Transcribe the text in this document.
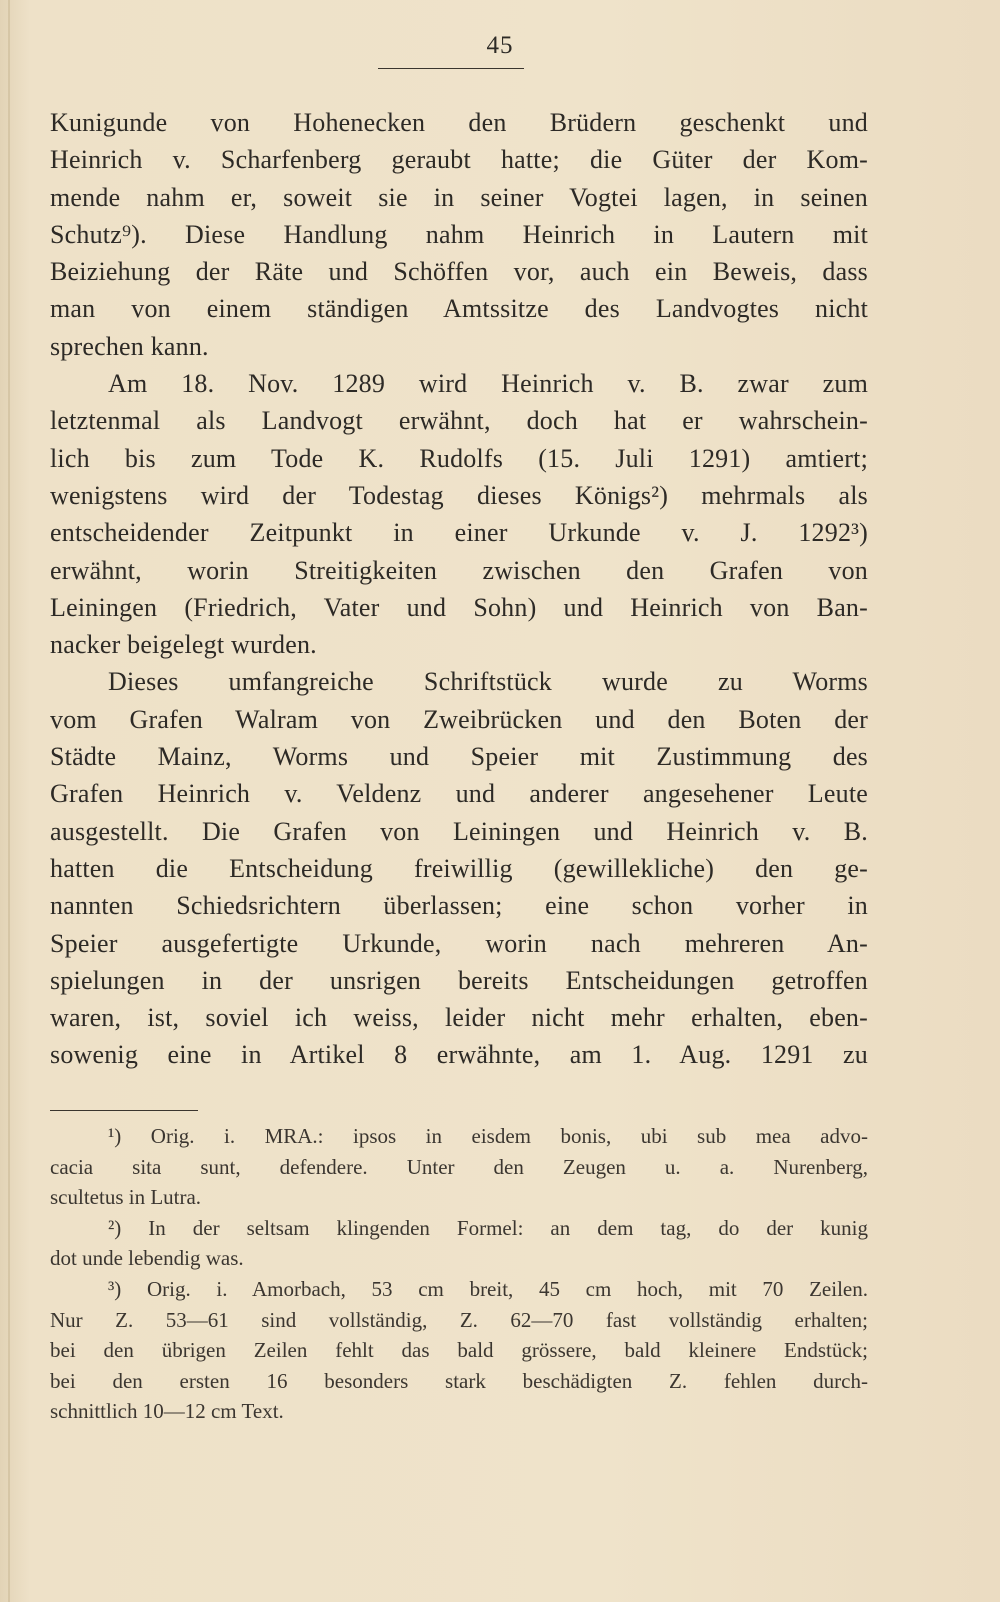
45
Kunigunde von Hohenecken den Brüdern geschenkt und
Heinrich v. Scharfenberg geraubt hatte; die Güter der Kom-
mende nahm er, soweit sie in seiner Vogtei lagen, in seinen
Schutz⁹). Diese Handlung nahm Heinrich in Lautern mit
Beiziehung der Räte und Schöffen vor, auch ein Beweis, dass
man von einem ständigen Amtssitze des Landvogtes nicht
sprechen kann.
Am 18. Nov. 1289 wird Heinrich v. B. zwar zum
letztenmal als Landvogt erwähnt, doch hat er wahrschein-
lich bis zum Tode K. Rudolfs (15. Juli 1291) amtiert;
wenigstens wird der Todestag dieses Königs²) mehrmals als
entscheidender Zeitpunkt in einer Urkunde v. J. 1292³)
erwähnt, worin Streitigkeiten zwischen den Grafen von
Leiningen (Friedrich, Vater und Sohn) und Heinrich von Ban-
nacker beigelegt wurden.
Dieses umfangreiche Schriftstück wurde zu Worms
vom Grafen Walram von Zweibrücken und den Boten der
Städte Mainz, Worms und Speier mit Zustimmung des
Grafen Heinrich v. Veldenz und anderer angesehener Leute
ausgestellt. Die Grafen von Leiningen und Heinrich v. B.
hatten die Entscheidung freiwillig (gewillekliche) den ge-
nannten Schiedsrichtern überlassen; eine schon vorher in
Speier ausgefertigte Urkunde, worin nach mehreren An-
spielungen in der unsrigen bereits Entscheidungen getroffen
waren, ist, soviel ich weiss, leider nicht mehr erhalten, eben-
sowenig eine in Artikel 8 erwähnte, am 1. Aug. 1291 zu
¹) Orig. i. MRA.: ipsos in eisdem bonis, ubi sub mea advo-
cacia sita sunt, defendere. Unter den Zeugen u. a. Nurenberg,
scultetus in Lutra.
²) In der seltsam klingenden Formel: an dem tag, do der kunig
dot unde lebendig was.
³) Orig. i. Amorbach, 53 cm breit, 45 cm hoch, mit 70 Zeilen.
Nur Z. 53—61 sind vollständig, Z. 62—70 fast vollständig erhalten;
bei den übrigen Zeilen fehlt das bald grössere, bald kleinere Endstück;
bei den ersten 16 besonders stark beschädigten Z. fehlen durch-
schnittlich 10—12 cm Text.
